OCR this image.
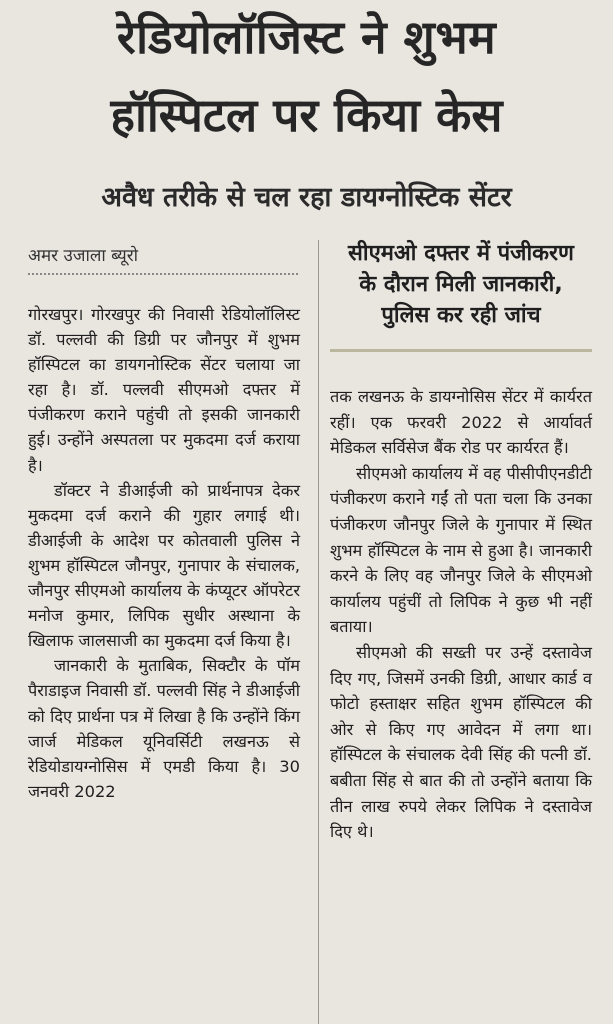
रेडियोलॉजिस्ट ने शुभम
हॉस्पिटल पर किया केस
अवैध तरीके से चल रहा डायग्नोस्टिक सेंटर
अमर उजाला ब्यूरो

गोरखपुर। गोरखपुर की निवासी रेडियोलॉलिस्ट डॉ. पल्लवी की डिग्री पर जौनपुर में शुभम हॉस्पिटल का डायगनोस्टिक सेंटर चलाया जा रहा है। डॉ. पल्लवी सीएमओ दफ्तर में पंजीकरण कराने पहुंची तो इसकी जानकारी हुई। उन्होंने अस्पतला पर मुकदमा दर्ज कराया है।

डॉक्टर ने डीआईजी को प्रार्थनापत्र देकर मुकदमा दर्ज कराने की गुहार लगाई थी। डीआईजी के आदेश पर कोतवाली पुलिस ने शुभम हॉस्पिटल जौनपुर, गुनापार के संचालक, जौनपुर सीएमओ कार्यालय के कंप्यूटर ऑपरेटर मनोज कुमार, लिपिक सुधीर अस्थाना के खिलाफ जालसाजी का मुकदमा दर्ज किया है।

जानकारी के मुताबिक, सिक्टौर के पॉम पैराडाइज निवासी डॉ. पल्लवी सिंह ने डीआईजी को दिए प्रार्थना पत्र में लिखा है कि उन्होंने किंग जार्ज मेडिकल यूनिवर्सिटी लखनऊ से रेडियोडायग्नोसिस में एमडी किया है। 30 जनवरी 2022

सीएमओ दफ्तर में पंजीकरण
के दौरान मिली जानकारी,
पुलिस कर रही जांच

तक लखनऊ के डायग्नोसिस सेंटर में कार्यरत रहीं। एक फरवरी 2022 से आर्यावर्त मेडिकल सर्विसेज बैंक रोड पर कार्यरत हैं।

सीएमओ कार्यालय में वह पीसीपीएनडीटी पंजीकरण कराने गईं तो पता चला कि उनका पंजीकरण जौनपुर जिले के गुनापार में स्थित शुभम हॉस्पिटल के नाम से हुआ है। जानकारी करने के लिए वह जौनपुर जिले के सीएमओ कार्यालय पहुंचीं तो लिपिक ने कुछ भी नहीं बताया।

सीएमओ की सख्ती पर उन्हें दस्तावेज दिए गए, जिसमें उनकी डिग्री, आधार कार्ड व फोटो हस्ताक्षर सहित शुभम हॉस्पिटल की ओर से किए गए आवेदन में लगा था। हॉस्पिटल के संचालक देवी सिंह की पत्नी डॉ. बबीता सिंह से बात की तो उन्होंने बताया कि तीन लाख रुपये लेकर लिपिक ने दस्तावेज दिए थे।
